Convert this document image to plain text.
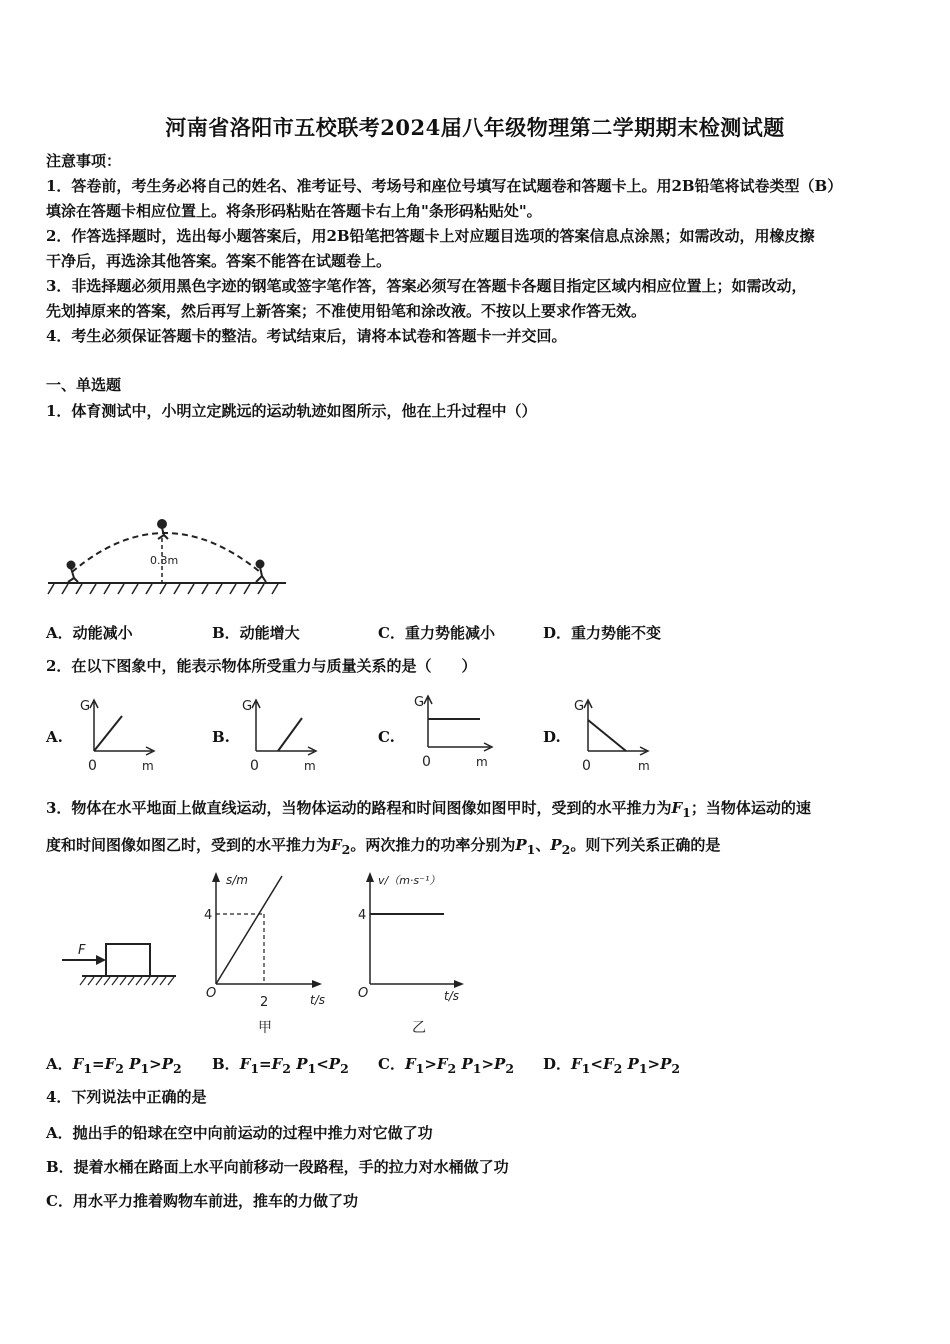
河南省洛阳市五校联考2024届八年级物理第二学期期末检测试题
注意事项：
1．答卷前，考生务必将自己的姓名、准考证号、考场号和座位号填写在试题卷和答题卡上。用2B铅笔将试卷类型（B）
填涂在答题卡相应位置上。将条形码粘贴在答题卡右上角"条形码粘贴处"。
2．作答选择题时，选出每小题答案后，用2B铅笔把答题卡上对应题目选项的答案信息点涂黑；如需改动，用橡皮擦
干净后，再选涂其他答案。答案不能答在试题卷上。
3．非选择题必须用黑色字迹的钢笔或签字笔作答，答案必须写在答题卡各题目指定区域内相应位置上；如需改动，
先划掉原来的答案，然后再写上新答案；不准使用铅笔和涂改液。不按以上要求作答无效。
4．考生必须保证答题卡的整洁。考试结束后，请将本试卷和答题卡一并交回。
一、单选题
1．体育测试中，小明立定跳远的运动轨迹如图所示，他在上升过程中（）
0.3m
A．动能减小	B．动能增大	C．重力势能减小	D．重力势能不变
2．在以下图象中，能表示物体所受重力与质量关系的是（　　）
A.
G
0	m
B.
G
0	m
C.
G
0	m
D.
G
0	m
3．物体在水平地面上做直线运动，当物体运动的路程和时间图像如图甲时，受到的水平推力为$F_1$；当物体运动的速
度和时间图像如图乙时，受到的水平推力为$F_2$。两次推力的功率分别为$P_1$、$P_2$。则下列关系正确的是
F
s/m
4
2
O	t/s
甲
v/（m·s⁻¹）
4
O	t/s
乙
A．$F_1=F_2$ $P_1>P_2$ B．$F_1=F_2$ $P_1<P_2$ C．$F_1>F_2$ $P_1>P_2$ D．$F_1<F_2$ $P_1>P_2$
4．下列说法中正确的是
A．抛出手的铅球在空中向前运动的过程中推力对它做了功
B．提着水桶在路面上水平向前移动一段路程，手的拉力对水桶做了功
C．用水平力推着购物车前进，推车的力做了功
